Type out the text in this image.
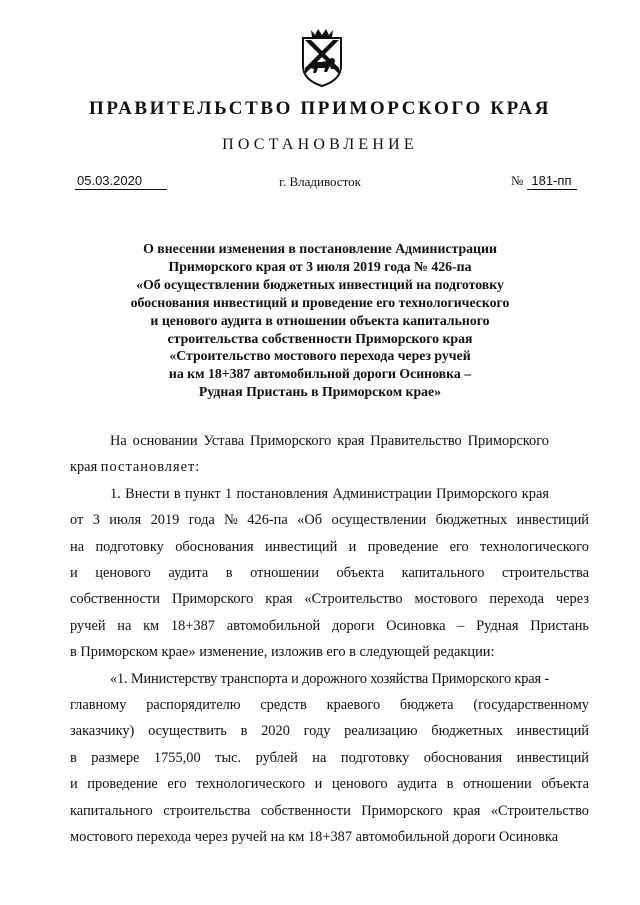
ПРАВИТЕЛЬСТВО ПРИМОРСКОГО КРАЯ
ПОСТАНОВЛЕНИЕ
05.03.2020	г. Владивосток	№ 181-пп
О внесении изменения в постановление Администрации
Приморского края от 3 июля 2019 года № 426-па
«Об осуществлении бюджетных инвестиций на подготовку
обоснования инвестиций и проведение его технологического
и ценового аудита в отношении объекта капитального
строительства собственности Приморского края
«Строительство мостового перехода через ручей
на км 18+387 автомобильной дороги Осиновка –
Рудная Пристань в Приморском крае»

На основании Устава Приморского края Правительство Приморского
края постановляет:

1. Внести в пункт 1 постановления Администрации Приморского края
от 3 июля 2019 года № 426-па «Об осуществлении бюджетных инвестиций
на подготовку обоснования инвестиций и проведение его технологического
и ценового аудита в отношении объекта капитального строительства
собственности Приморского края «Строительство мостового перехода через
ручей на км 18+387 автомобильной дороги Осиновка – Рудная Пристань
в Приморском крае» изменение, изложив его в следующей редакции:

«1. Министерству транспорта и дорожного хозяйства Приморского края -
главному распорядителю средств краевого бюджета (государственному
заказчику) осуществить в 2020 году реализацию бюджетных инвестиций
в размере 1755,00 тыс. рублей на подготовку обоснования инвестиций
и проведение его технологического и ценового аудита в отношении объекта
капитального строительства собственности Приморского края «Строительство
мостового перехода через ручей на км 18+387 автомобильной дороги Осиновка
